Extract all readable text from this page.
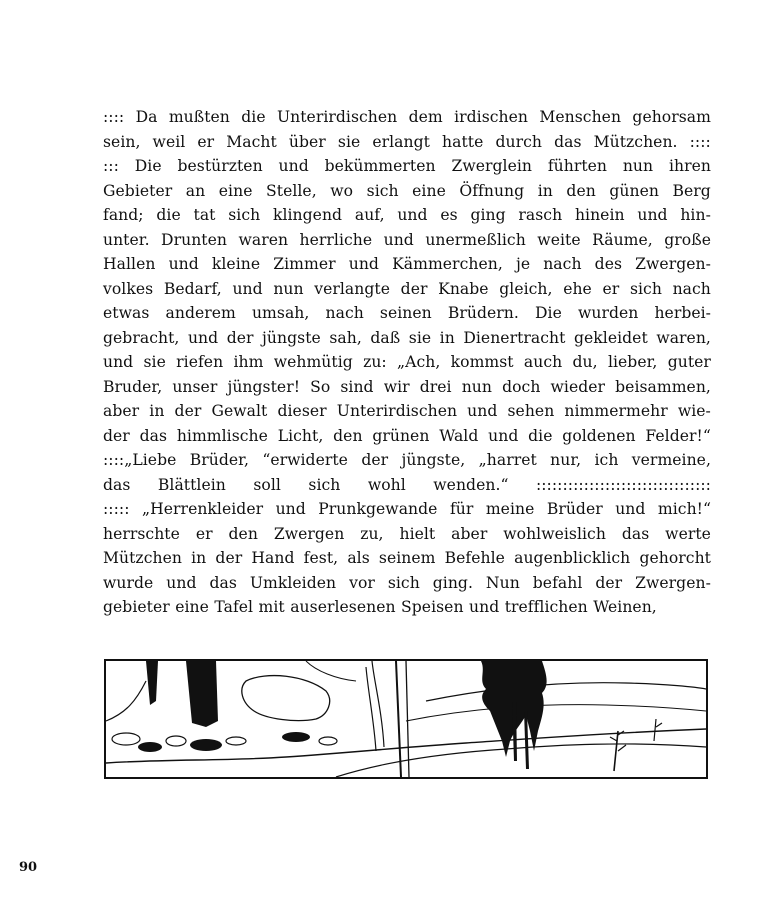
:::: Da mußten die Unterirdischen dem irdischen Menschen gehorsam
sein, weil er Macht über sie erlangt hatte durch das Mützchen. ::::
::: Die bestürzten und bekümmerten Zwerglein führten nun ihren
Gebieter an eine Stelle, wo sich eine Öffnung in den günen Berg
fand; die tat sich klingend auf, und es ging rasch hinein und hin-
unter. Drunten waren herrliche und unermeßlich weite Räume, große
Hallen und kleine Zimmer und Kämmerchen, je nach des Zwergen-
volkes Bedarf, und nun verlangte der Knabe gleich, ehe er sich nach
etwas anderem umsah, nach seinen Brüdern. Die wurden herbei-
gebracht, und der jüngste sah, daß sie in Dienertracht gekleidet waren,
und sie riefen ihm wehmütig zu: „Ach, kommst auch du, lieber, guter
Bruder, unser jüngster! So sind wir drei nun doch wieder beisammen,
aber in der Gewalt dieser Unterirdischen und sehen nimmermehr wie-
der das himmlische Licht, den grünen Wald und die goldenen Felder!“
::::„Liebe Brüder, “erwiderte der jüngste, „harret nur, ich vermeine,
das Blättlein soll sich wohl wenden.“ :::::::::::::::::::::::::::::::::
::::: „Herrenkleider und Prunkgewande für meine Brüder und mich!“
herrschte er den Zwergen zu, hielt aber wohlweislich das werte
Mützchen in der Hand fest, als seinem Befehle augenblicklich gehorcht
wurde und das Umkleiden vor sich ging. Nun befahl der Zwergen-
gebieter eine Tafel mit auserlesenen Speisen und trefflichen Weinen,
90
